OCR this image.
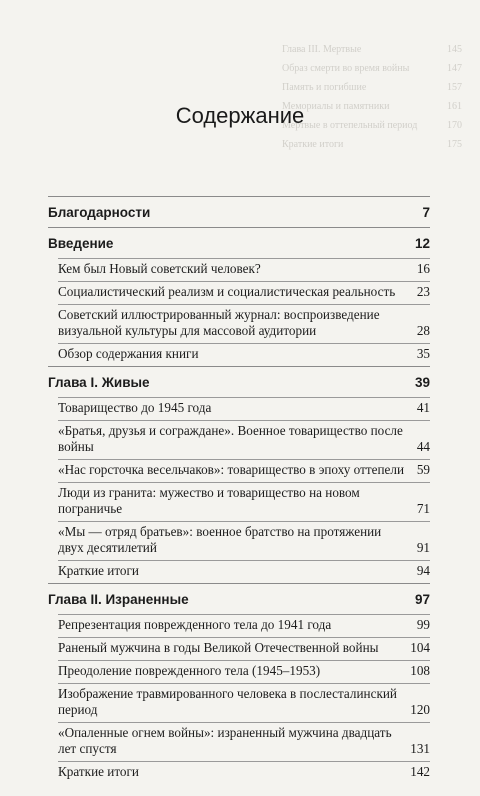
Глава III. Мертвые	145
Образ смерти во время войны	147
Память и погибшие	157
Мемориалы и памятники	161
Мертвые в оттепельный период	170
Краткие итоги	175
Содержание
Благодарности	7
Введение	12
Кем был Новый советский человек?	16
Социалистический реализм и социалистическая реальность	23
Советский иллюстрированный журнал: воспроизведение визуальной культуры для массовой аудитории	28
Обзор содержания книги	35
Глава I. Живые	39
Товарищество до 1945 года	41
«Братья, друзья и сограждане». Военное товарищество после войны	44
«Нас горсточка весельчаков»: товарищество в эпоху оттепели 59
Люди из гранита: мужество и товарищество на новом пограничье	71
«Мы — отряд братьев»: военное братство на протяжении двух десятилетий	91
Краткие итоги	94
Глава II. Израненные	97
Репрезентация поврежденного тела до 1941 года	99
Раненый мужчина в годы Великой Отечественной войны	104
Преодоление поврежденного тела (1945–1953)	108
Изображение травмированного человека в послесталинский период	120
«Опаленные огнем войны»: израненный мужчина двадцать лет спустя	131
Краткие итоги	142
